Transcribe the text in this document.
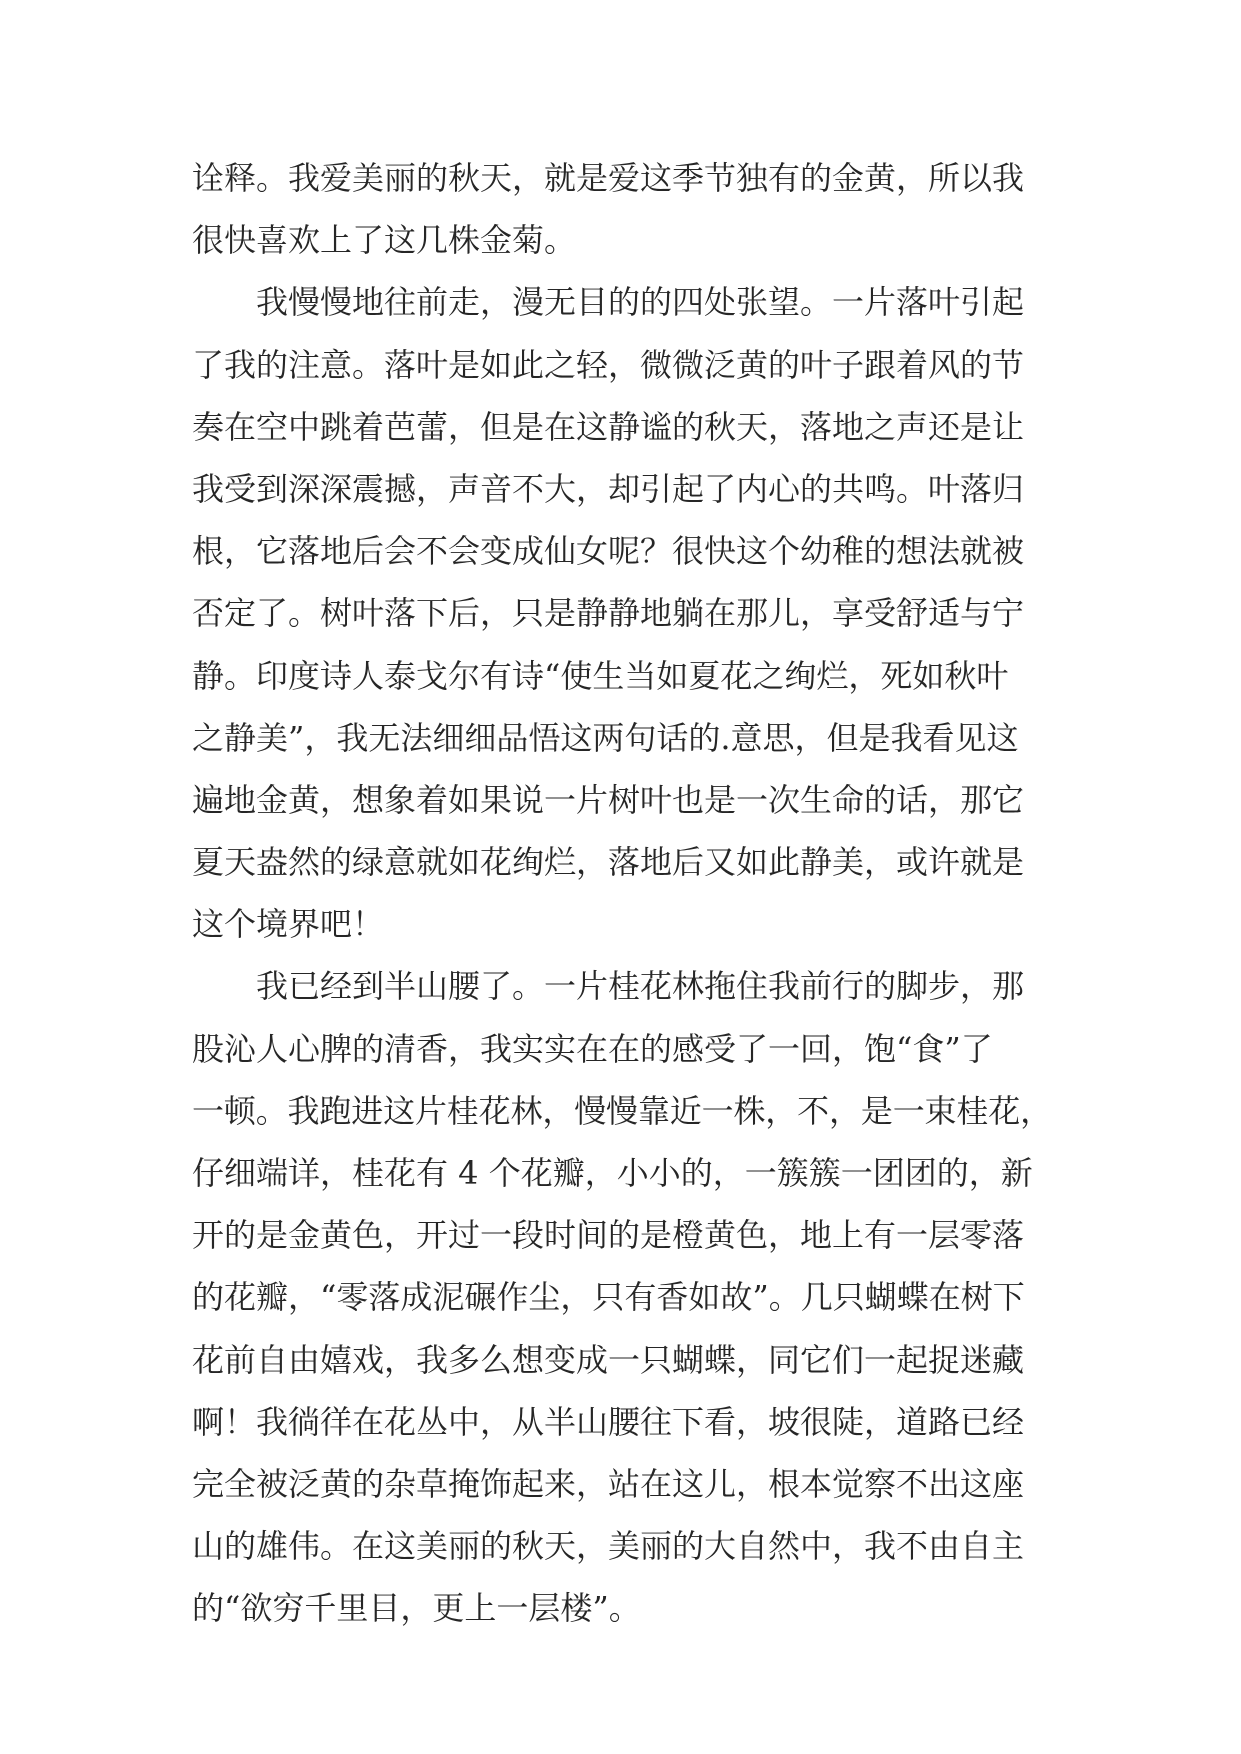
诠释。我爱美丽的秋天，就是爱这季节独有的金黄，所以我
很快喜欢上了这几株金菊。
我慢慢地往前走，漫无目的的四处张望。一片落叶引起
了我的注意。落叶是如此之轻，微微泛黄的叶子跟着风的节
奏在空中跳着芭蕾，但是在这静谧的秋天，落地之声还是让
我受到深深震撼，声音不大，却引起了内心的共鸣。叶落归
根，它落地后会不会变成仙女呢？很快这个幼稚的想法就被
否定了。树叶落下后，只是静静地躺在那儿，享受舒适与宁
静。印度诗人泰戈尔有诗“使生当如夏花之绚烂，死如秋叶
之静美”，我无法细细品悟这两句话的.意思，但是我看见这
遍地金黄，想象着如果说一片树叶也是一次生命的话，那它
夏天盎然的绿意就如花绚烂，落地后又如此静美，或许就是
这个境界吧！
我已经到半山腰了。一片桂花林拖住我前行的脚步，那
股沁人心脾的清香，我实实在在的感受了一回，饱“食”了
一顿。我跑进这片桂花林，慢慢靠近一株，不，是一束桂花，
仔细端详，桂花有 4 个花瓣，小小的，一簇簇一团团的，新
开的是金黄色，开过一段时间的是橙黄色，地上有一层零落
的花瓣，“零落成泥碾作尘，只有香如故”。几只蝴蝶在树下
花前自由嬉戏，我多么想变成一只蝴蝶，同它们一起捉迷藏
啊！我徜徉在花丛中，从半山腰往下看，坡很陡，道路已经
完全被泛黄的杂草掩饰起来，站在这儿，根本觉察不出这座
山的雄伟。在这美丽的秋天，美丽的大自然中，我不由自主
的“欲穷千里目，更上一层楼”。
